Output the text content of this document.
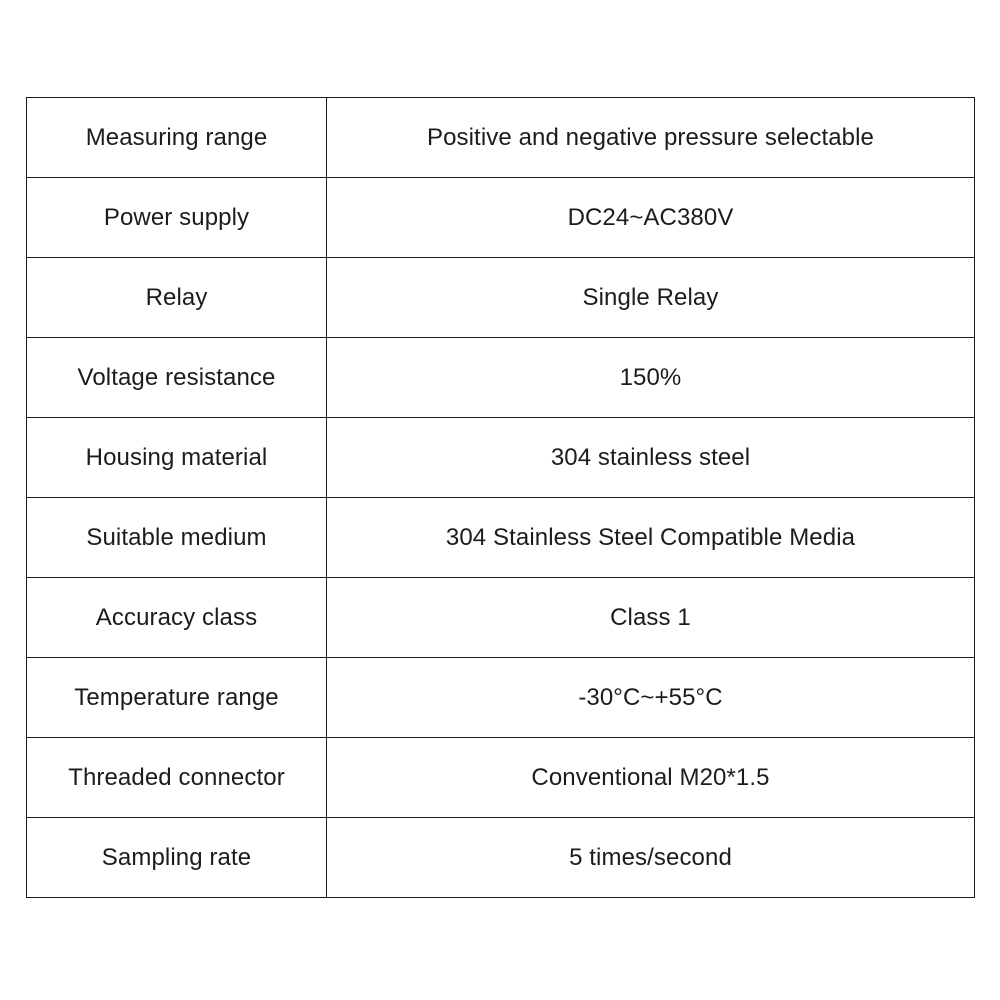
Measuring range	Positive and negative pressure selectable
Power supply	DC24~AC380V
Relay	Single Relay
Voltage resistance	150%
Housing material	304 stainless steel
Suitable medium	304 Stainless Steel Compatible Media
Accuracy class	Class 1
Temperature range	-30°C~+55°C
Threaded connector	Conventional M20*1.5
Sampling rate	5 times/second
